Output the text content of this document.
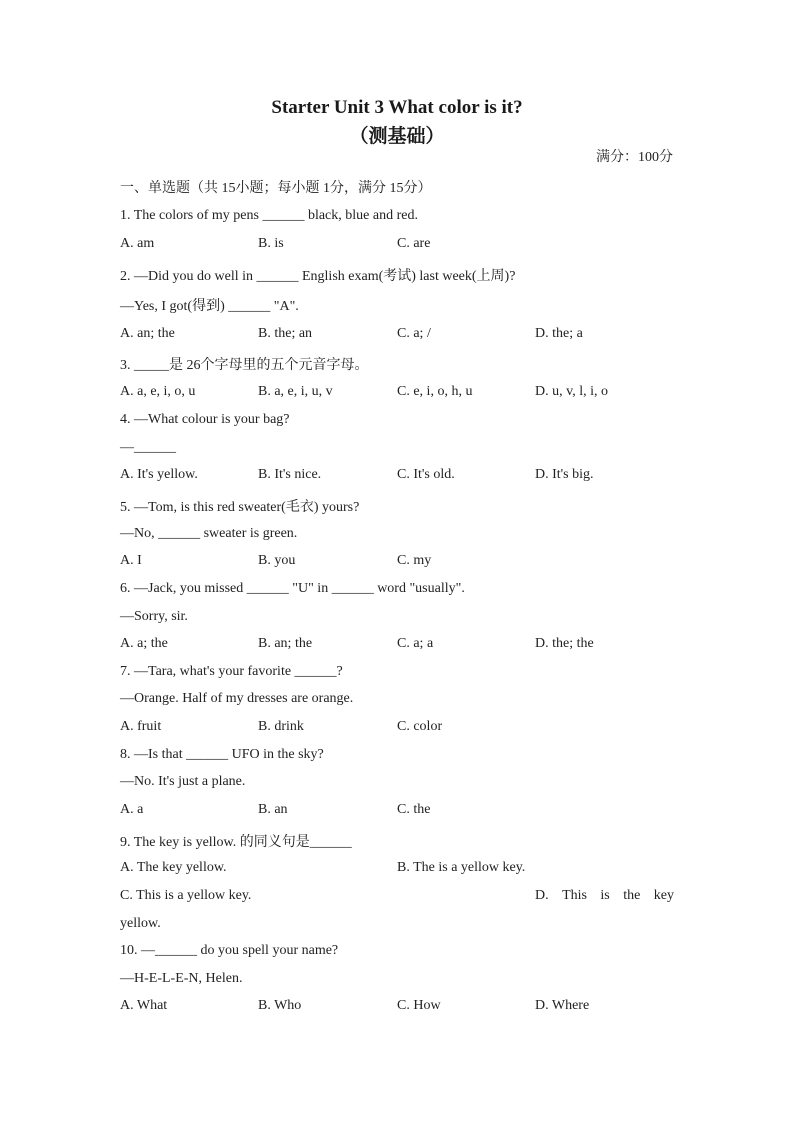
Starter Unit 3 What color is it?
（测基础）
满分：100分
一、单选题（共 15小题；每小题 1分，满分 15分）
1. The colors of my pens ______ black, blue and red.
A. am	B. is	C. are
2. —Did you do well in ______ English exam(考试) last week(上周)?
—Yes, I got(得到) ______ "A".
A. an; the	B. the; an	C. a; /	D. the; a
3. _____是 26个字母里的五个元音字母。
A. a, e, i, o, u	B. a, e, i, u, v	C. e, i, o, h, u	D. u, v, l, i, o
4. —What colour is your bag?
—______
A. It's yellow.	B. It's nice.	C. It's old.	D. It's big.
5. —Tom, is this red sweater(毛衣) yours?
—No, ______ sweater is green.
A. I	B. you	C. my
6. —Jack, you missed ______ "U" in ______ word "usually".
—Sorry, sir.
A. a; the	B. an; the	C. a; a	D. the; the
7. —Tara, what's your favorite ______?
—Orange. Half of my dresses are orange.
A. fruit	B. drink	C. color
8. —Is that ______ UFO in the sky?
—No. It's just a plane.
A. a	B. an	C. the
9. The key is yellow. 的同义句是______
A. The key yellow.	B. The is a yellow key.
C. This is a yellow key.	D. This is the key
yellow.
10. —______ do you spell your name?
—H-E-L-E-N, Helen.
A. What	B. Who	C. How	D. Where
